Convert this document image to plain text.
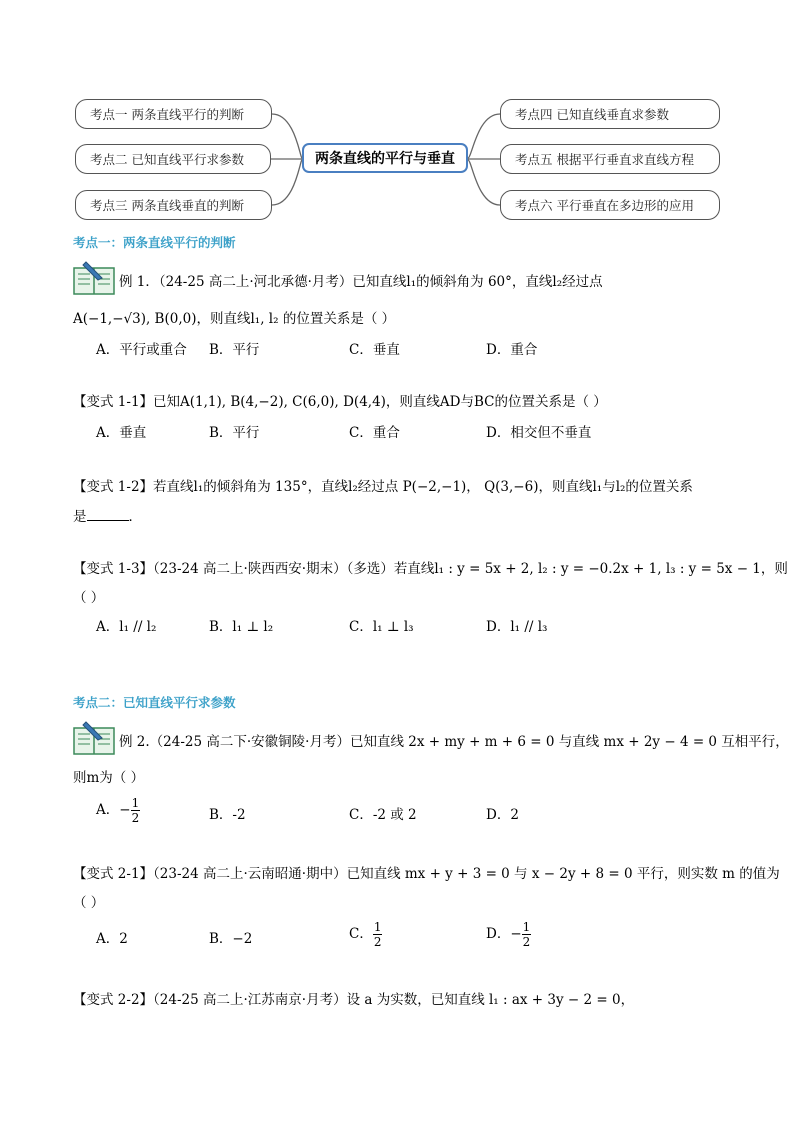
考点一 两条直线平行的判断
考点二 已知直线平行求参数
考点三 两条直线垂直的判断
两条直线的平行与垂直
考点四 已知直线垂直求参数
考点五 根据平行垂直求直线方程
考点六 平行垂直在多边形的应用
考点一：两条直线平行的判断
例 1．（24-25 高二上·河北承德·月考）已知直线l₁的倾斜角为 60°，直线l₂经过点
A(−1,−√3), B(0,0)，则直线l₁, l₂ 的位置关系是（ ）
A．平行或重合 B．平行	C．垂直	D．重合
【变式 1-1】已知A(1,1), B(4,−2), C(6,0), D(4,4)，则直线AD与BC的位置关系是（ ）
A．垂直	B．平行	C．重合	D．相交但不垂直
【变式 1-2】若直线l₁的倾斜角为 135°，直线l₂经过点 P(−2,−1)， Q(3,−6)，则直线l₁与l₂的位置关系
是	．
【变式 1-3】（23-24 高二上·陕西西安·期末）（多选）若直线l₁ : y = 5x + 2, l₂ : y = −0.2x + 1, l₃ : y = 5x − 1，则
（ ）
A．l₁ // l₂	B．l₁ ⊥ l₂	C．l₁ ⊥ l₃	D．l₁ // l₃
考点二：已知直线平行求参数
例 2.（24-25 高二下·安徽铜陵·月考）已知直线 2x + my + m + 6 = 0 与直线 mx + 2y − 4 = 0 互相平行，
则m为（ ）
A．− $\frac{1}{2}$	B．-2	C．-2 或 2	D．2
【变式 2-1】（23-24 高二上·云南昭通·期中）已知直线 mx + y + 3 = 0 与 x − 2y + 8 = 0 平行，则实数 m 的值为
（ ）
A．2	B．−2	C． $\frac{1}{2}$	D．− $\frac{1}{2}$
【变式 2-2】（24-25 高二上·江苏南京·月考）设 a 为实数，已知直线 l₁ : ax + 3y − 2 = 0，
